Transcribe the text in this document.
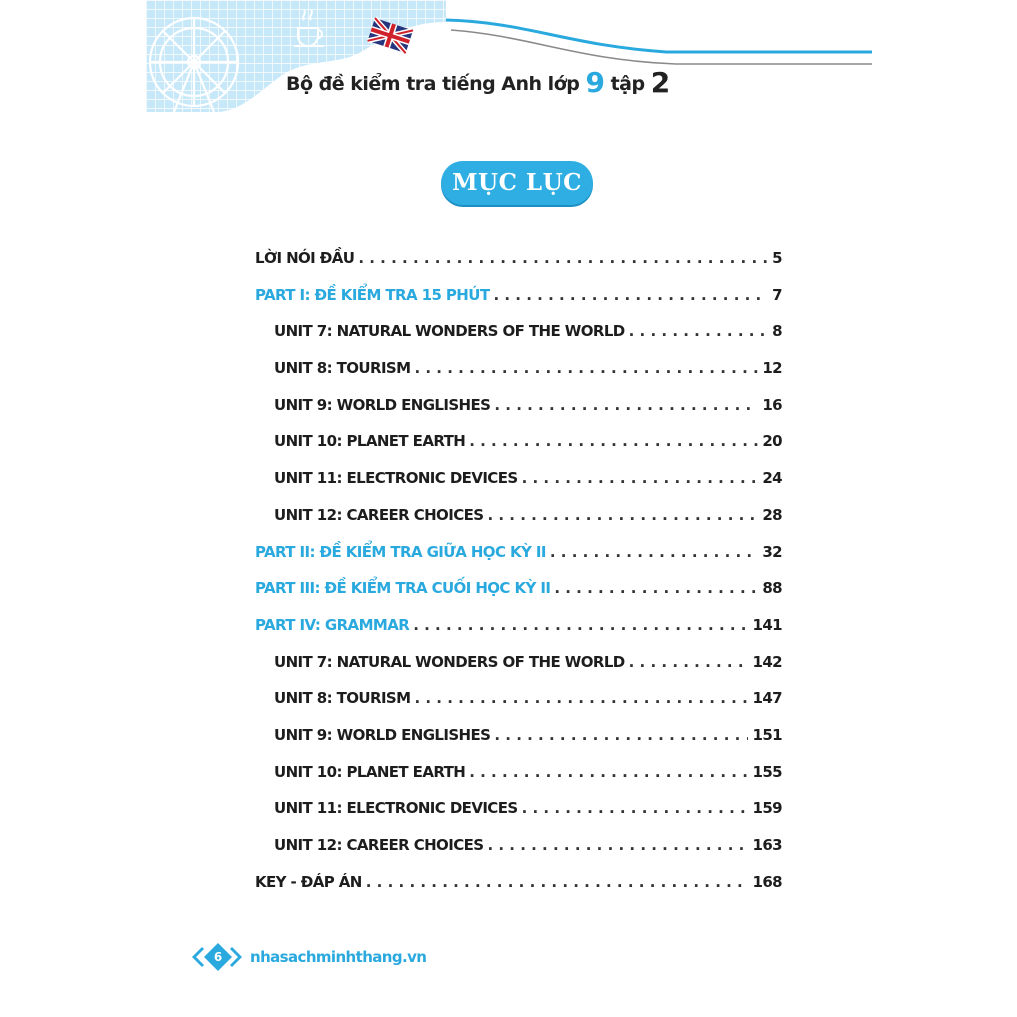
Bộ đề kiểm tra tiếng Anh lớp 9 tập 2
MỤC LỤC
LỜI NÓI ĐẦU . . .	5
PART I: ĐỀ KIỂM TRA 15 PHÚT . . .	7
UNIT 7: NATURAL WONDERS OF THE WORLD . . .	8
UNIT 8: TOURISM . . .	12
UNIT 9: WORLD ENGLISHES . . .	16
UNIT 10: PLANET EARTH . . .	20
UNIT 11: ELECTRONIC DEVICES . . .	24
UNIT 12: CAREER CHOICES . . .	28
PART II: ĐỀ KIỂM TRA GIỮA HỌC KỲ II . . .	32
PART III: ĐỀ KIỂM TRA CUỐI HỌC KỲ II . . .	88
PART IV: GRAMMAR . . .	141
UNIT 7: NATURAL WONDERS OF THE WORLD . . .	142
UNIT 8: TOURISM . . .	147
UNIT 9: WORLD ENGLISHES . . .	151
UNIT 10: PLANET EARTH . . .	155
UNIT 11: ELECTRONIC DEVICES . . .	159
UNIT 12: CAREER CHOICES . . .	163
KEY - ĐÁP ÁN . . .	168
6 nhasachminhthang.vn
